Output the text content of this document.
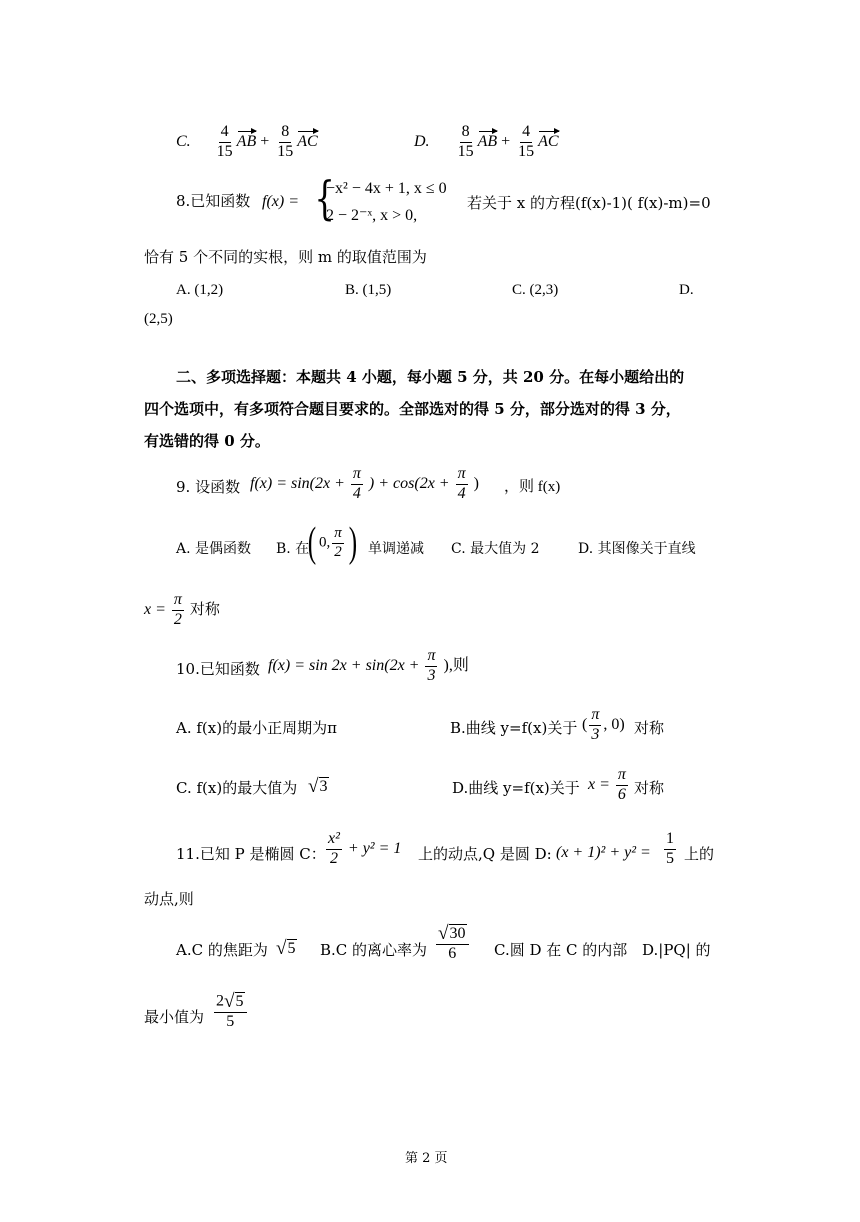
C. $\frac{4}{15}$ AB + $\frac{8}{15}$ AC	D. $\frac{8}{15}$ AB + $\frac{4}{15}$ AC
8.已知函数 f(x) = {
−x² − 4x + 1, x ≤ 0
2 − 2⁻ˣ, x > 0,
若关于 x 的方程(f(x)-1)( f(x)-m)=0
恰有 5 个不同的实根，则 m 的取值范围为
A. (1,2)	B. (1,5)	C. (2,3)	D.
(2,5)
二、多项选择题：本题共 4 小题，每小题 5 分，共 20 分。在每小题给出的
四个选项中，有多项符合题目要求的。全部选对的得 5 分，部分选对的得 3 分，
有选错的得 0 分。
9. 设函数 $f(x) = \sin(2x + \frac{\pi}{4}$ ) + $\cos(2x + \frac{\pi}{4}$ ) ，则 f(x)
A. 是偶函数 B. 在
( 0, $\frac{\pi}{2}$ ) 单调递减 C. 最大值为 2	D. 其图像关于直线
$x = \frac{\pi}{2}$ 对称
10.已知函数 $f(x) = \sin 2x + \sin(2x + \frac{\pi}{3}$ ),则
A. f(x)的最小正周期为π	B.曲线 y=f(x)关于 ( $\frac{\pi}{3}$ , 0) 对称
C. f(x)的最大值为 √ 3	D.曲线 y=f(x)关于 $x = \frac{\pi}{6}$ 对称
11.已知 P 是椭圆 C： $\frac{\text{x²}}{2} + y^2 = 1$ 上的动点,Q 是圆 D: $(x + 1)^2 + y^2 = \frac{1}{5}$ 上的
动点,则
A.C 的焦距为 √ 5 B.C 的离心率为 $\frac{√ 30}{6} C$.圆 D 在 C 的内部 D.|PQ| 的
最小值为 $\frac{2 √ 5}{5}$
第 2 页
